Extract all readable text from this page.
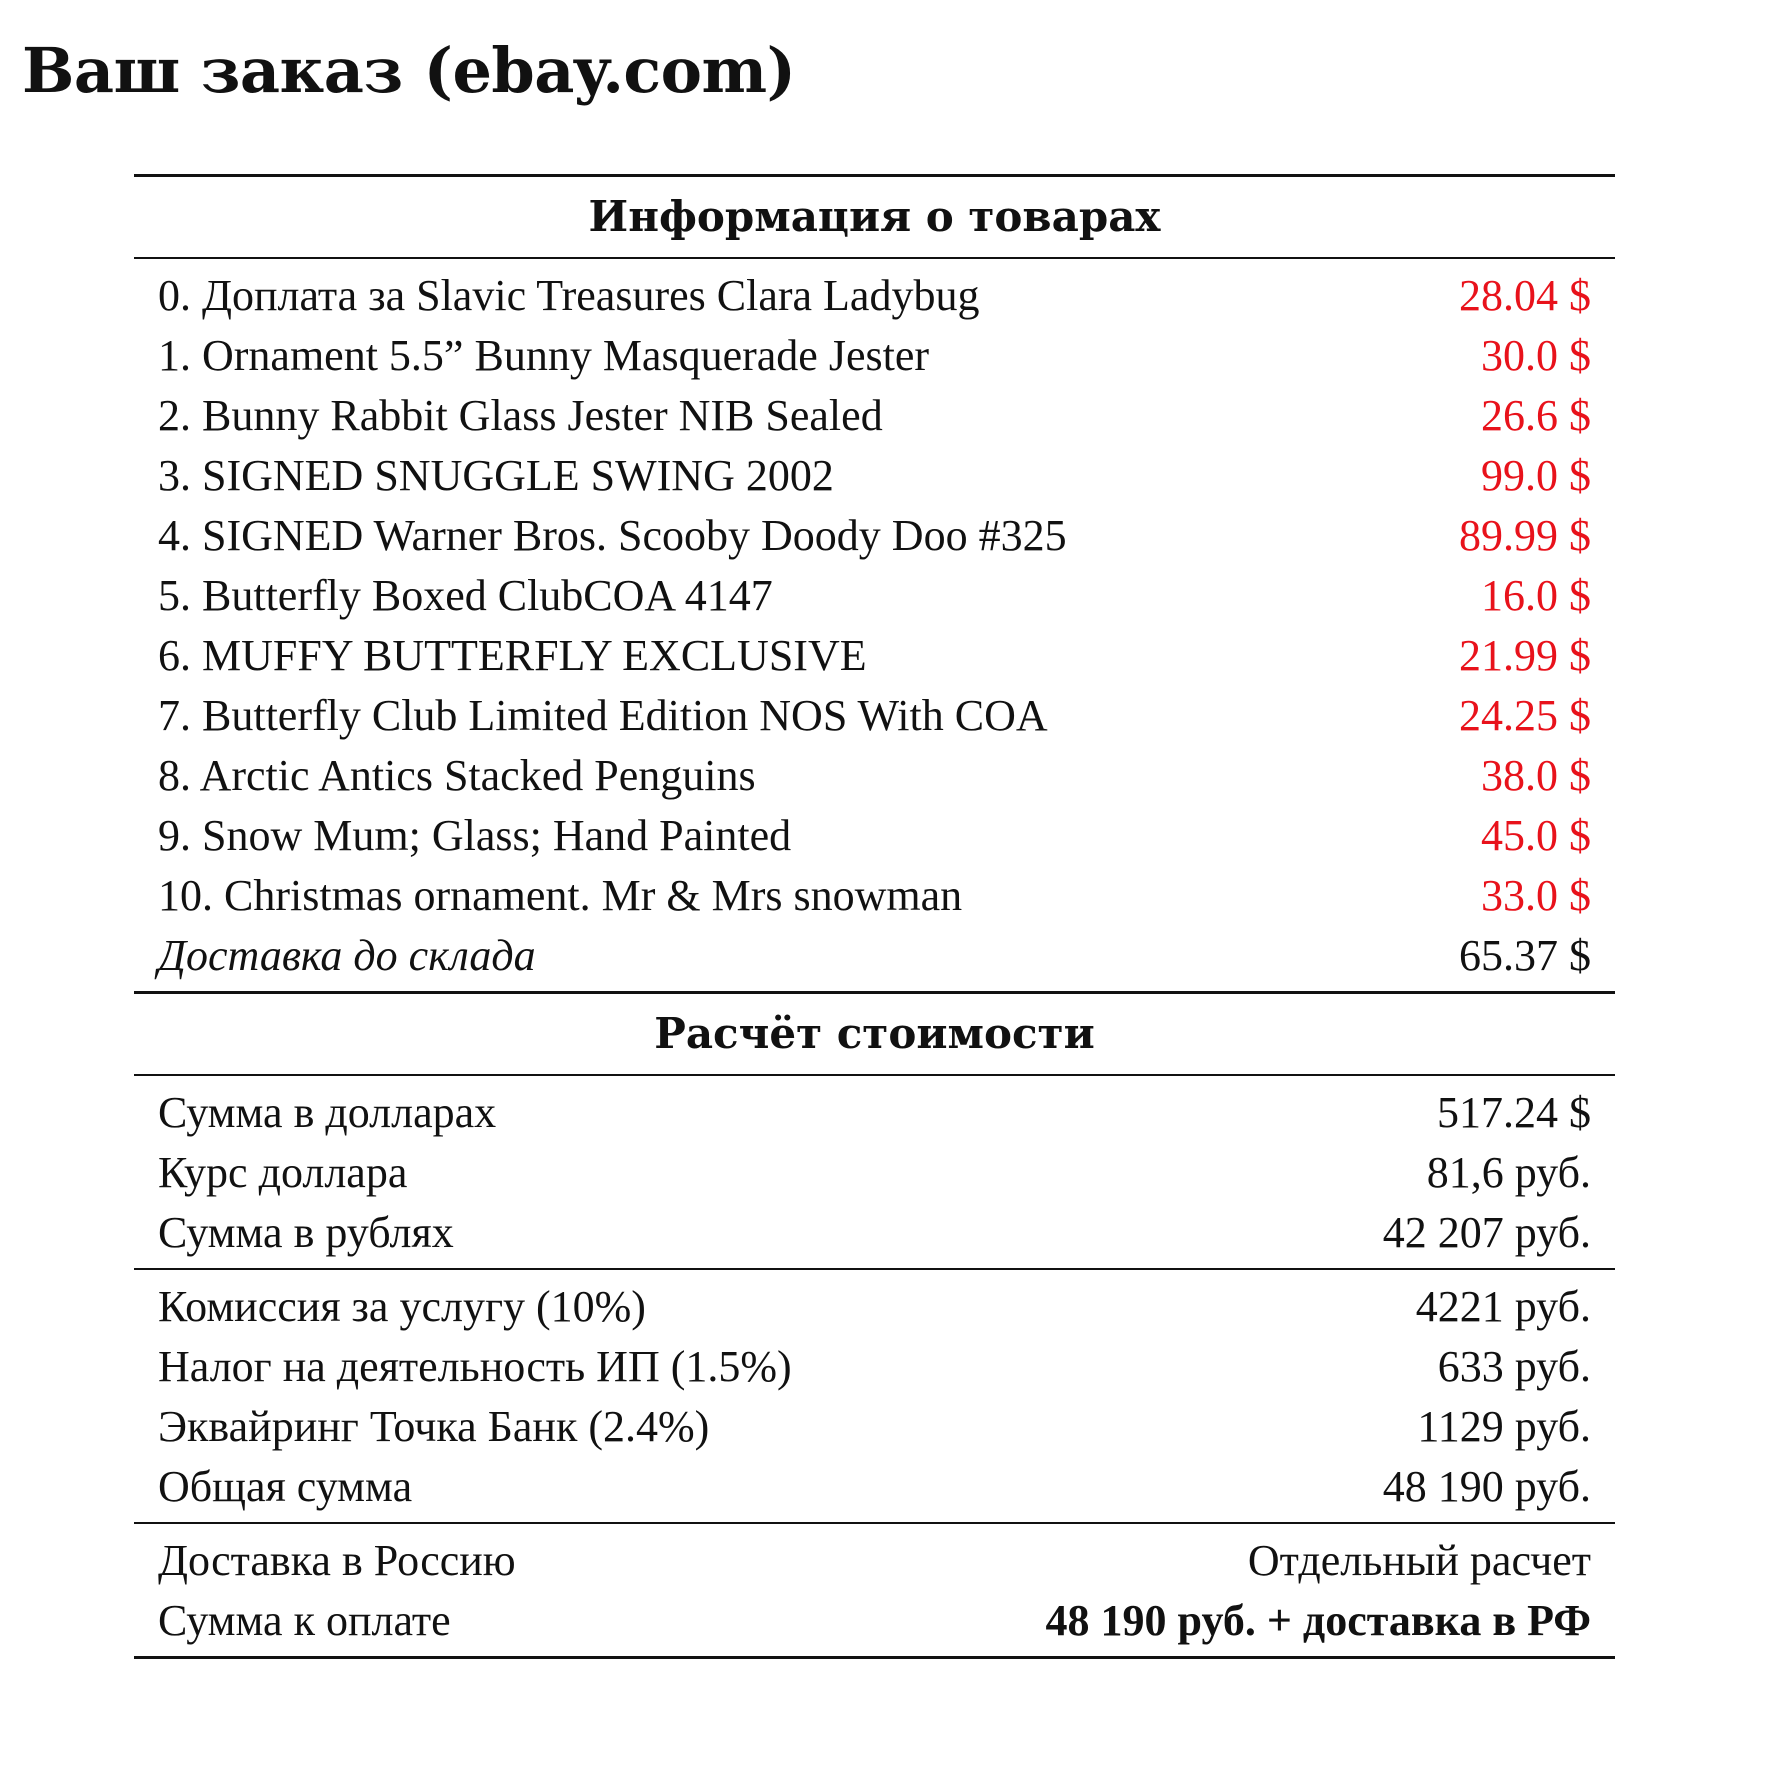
Ваш заказ (ebay.com)
Информация о товарах
0. Доплата за Slavic Treasures Clara Ladybug	28.04 $
1. Ornament 5.5” Bunny Masquerade Jester	30.0 $
2. Bunny Rabbit Glass Jester NIB Sealed	26.6 $
3. SIGNED SNUGGLE SWING 2002	99.0 $
4. SIGNED Warner Bros. Scooby Doody Doo #325	89.99 $
5. Butterfly Boxed ClubCOA 4147	16.0 $
6. MUFFY BUTTERFLY EXCLUSIVE	21.99 $
7. Butterfly Club Limited Edition NOS With COA	24.25 $
8. Arctic Antics Stacked Penguins	38.0 $
9. Snow Mum; Glass; Hand Painted	45.0 $
10. Christmas ornament. Mr & Mrs snowman	33.0 $
Доставка до склада	65.37 $
Расчёт стоимости
Сумма в долларах	517.24 $
Курс доллара	81,6 руб.
Сумма в рублях	42 207 руб.
Комиссия за услугу (10%)	4221 руб.
Налог на деятельность ИП (1.5%)	633 руб.
Эквайринг Точка Банк (2.4%)	1129 руб.
Общая сумма	48 190 руб.
Доставка в Россию	Отдельный расчет
Сумма к оплате	48 190 руб. + доставка в РФ
